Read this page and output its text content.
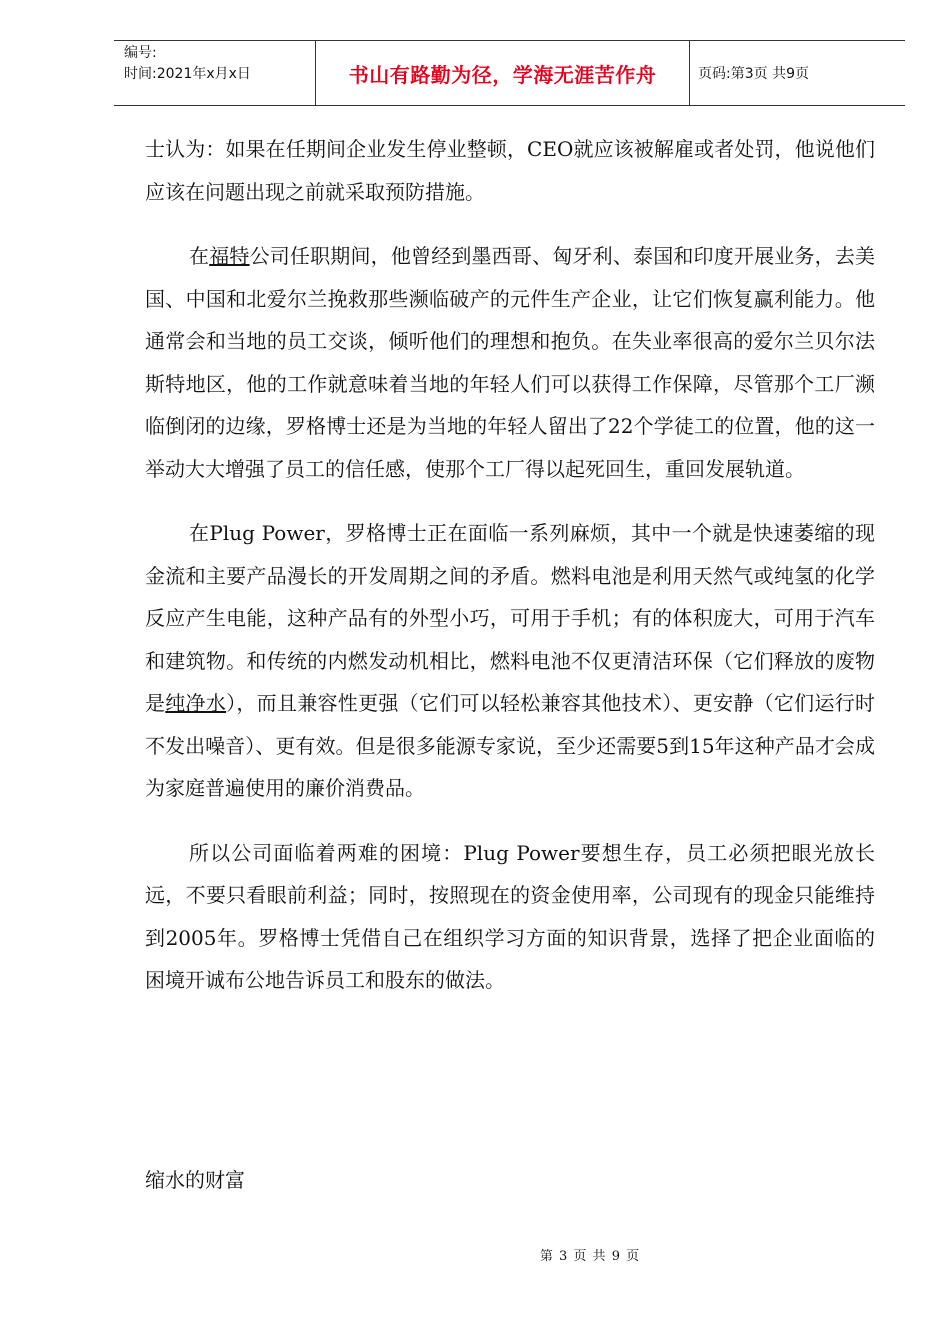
编号:
时间:2021年x月x日	书山有路勤为径，学海无涯苦作舟	页码:第3页 共9页

士认为：如果在任期间企业发生停业整顿，CEO就应该被解雇或者处罚，他说他们应该在问题出现之前就采取预防措施。

在福特公司任职期间，他曾经到墨西哥、匈牙利、泰国和印度开展业务，去美国、中国和北爱尔兰挽救那些濒临破产的元件生产企业，让它们恢复赢利能力。他通常会和当地的员工交谈，倾听他们的理想和抱负。在失业率很高的爱尔兰贝尔法斯特地区，他的工作就意味着当地的年轻人们可以获得工作保障，尽管那个工厂濒临倒闭的边缘，罗格博士还是为当地的年轻人留出了22个学徒工的位置，他的这一举动大大增强了员工的信任感，使那个工厂得以起死回生，重回发展轨道。

在Plug Power，罗格博士正在面临一系列麻烦，其中一个就是快速萎缩的现金流和主要产品漫长的开发周期之间的矛盾。燃料电池是利用天然气或纯氢的化学反应产生电能，这种产品有的外型小巧，可用于手机；有的体积庞大，可用于汽车和建筑物。和传统的内燃发动机相比，燃料电池不仅更清洁环保（它们释放的废物是纯净水），而且兼容性更强（它们可以轻松兼容其他技术）、更安静（它们运行时不发出噪音）、更有效。但是很多能源专家说，至少还需要5到15年这种产品才会成为家庭普遍使用的廉价消费品。

所以公司面临着两难的困境：Plug Power要想生存，员工必须把眼光放长远，不要只看眼前利益；同时，按照现在的资金使用率，公司现有的现金只能维持到2005年。罗格博士凭借自己在组织学习方面的知识背景，选择了把企业面临的困境开诚布公地告诉员工和股东的做法。

缩水的财富
第 3 页 共 9 页
